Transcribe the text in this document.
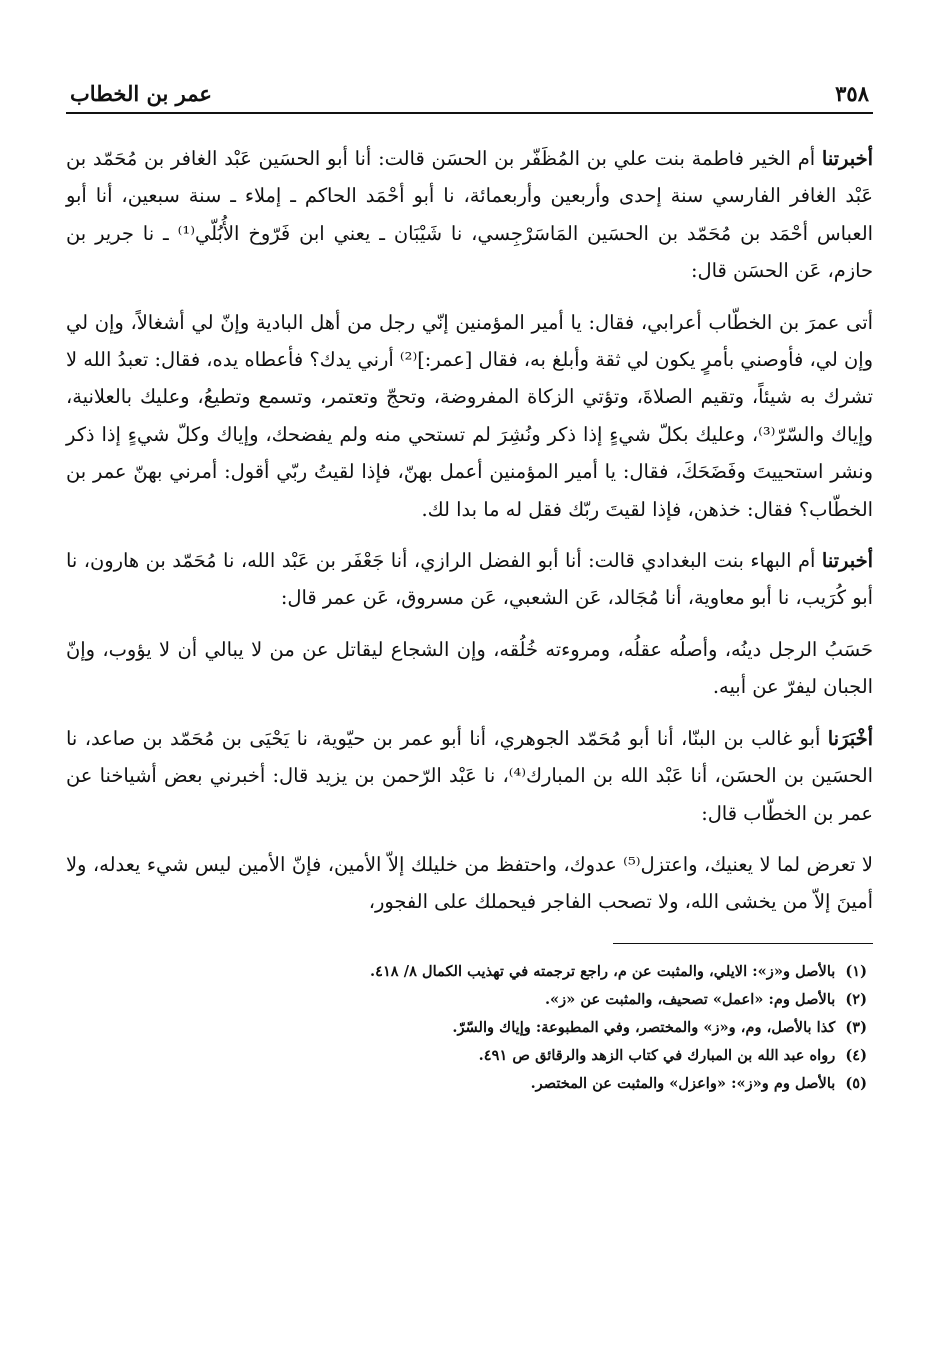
٣٥٨
عمر بن الخطاب

أخبرتنا أم الخير فاطمة بنت علي بن المُظَفّر بن الحسَن قالت: أنا أبو الحسَين عَبْد الغافر بن مُحَمّد بن عَبْد الغافر الفارسي سنة إحدى وأربعين وأربعمائة، نا أبو أحْمَد الحاكم ـ إملاء ـ سنة سبعين، أنا أبو العباس أحْمَد بن مُحَمّد بن الحسَين المَاسَرْجِسي، نا شَيْبَان ـ يعني ابن فَرّوخ الأُبُلّي⁽¹⁾ ـ نا جرير بن حازم، عَن الحسَن قال:

أتى عمرَ بن الخطّاب أعرابي، فقال: يا أمير المؤمنين إنّي رجل من أهل البادية وإنّ لي أشغالاً، وإن لي وإن لي، فأوصني بأمرٍ يكون لي ثقة وأبلغ به، فقال [عمر:]⁽²⁾ أرني يدك؟ فأعطاه يده، فقال: تعبدُ الله لا تشرك به شيئاً، وتقيم الصلاةَ، وتؤتي الزكاة المفروضة، وتحجّ وتعتمر، وتسمع وتطيعُ، وعليك بالعلانية، وإياك والسّرّ⁽³⁾، وعليك بكلّ شيءٍ إذا ذكر ونُشِرَ لم تستحي منه ولم يفضحك، وإياك وكلّ شيءٍ إذا ذكر ونشر استحييتَ وفَضَحَكَ، فقال: يا أمير المؤمنين أعمل بهنّ، فإذا لقيتُ ربّي أقول: أمرني بهنّ عمر بن الخطّاب؟ فقال: خذهن، فإذا لقيتَ ربّك فقل له ما بدا لك.

أخبرتنا أم البهاء بنت البغدادي قالت: أنا أبو الفضل الرازي، أنا جَعْفَر بن عَبْد الله، نا مُحَمّد بن هارون، نا أبو كُرَيب، نا أبو معاوية، أنا مُجَالد، عَن الشعبي، عَن مسروق، عَن عمر قال:

حَسَبُ الرجل دينُه، وأصلُه عقلُه، ومروءته خُلُقه، وإن الشجاع ليقاتل عن من لا يبالي أن لا يؤوب، وإنّ الجبان ليفرّ عن أبيه.

أخْبَرَنا أبو غالب بن البنّا، أنا أبو مُحَمّد الجوهري، أنا أبو عمر بن حيّوية، نا يَحْيَى بن مُحَمّد بن صاعد، نا الحسَين بن الحسَن، أنا عَبْد الله بن المبارك⁽⁴⁾، نا عَبْد الرّحمن بن يزيد قال: أخبرني بعض أشياخنا عن عمر بن الخطّاب قال:

لا تعرض لما لا يعنيك، واعتزل⁽⁵⁾ عدوك، واحتفظ من خليلك إلاّ الأمين، فإنّ الأمين ليس شيء يعدله، ولا أمينَ إلاّ من يخشى الله، ولا تصحب الفاجر فيحملك على الفجور،

(١)
بالأصل و«ز»: الايلي، والمثبت عن م، راجع ترجمته في تهذيب الكمال ٨/ ٤١٨.
(٢)
بالأصل وم: «اعمل» تصحيف، والمثبت عن «ز».
(٣)
كذا بالأصل، وم، و«ز» والمختصر، وفي المطبوعة: وإياك والسّرّ.
(٤)
رواه عبد الله بن المبارك في كتاب الزهد والرقائق ص ٤٩١.
(٥)
بالأصل وم و«ز»: «واعزل» والمثبت عن المختصر.
